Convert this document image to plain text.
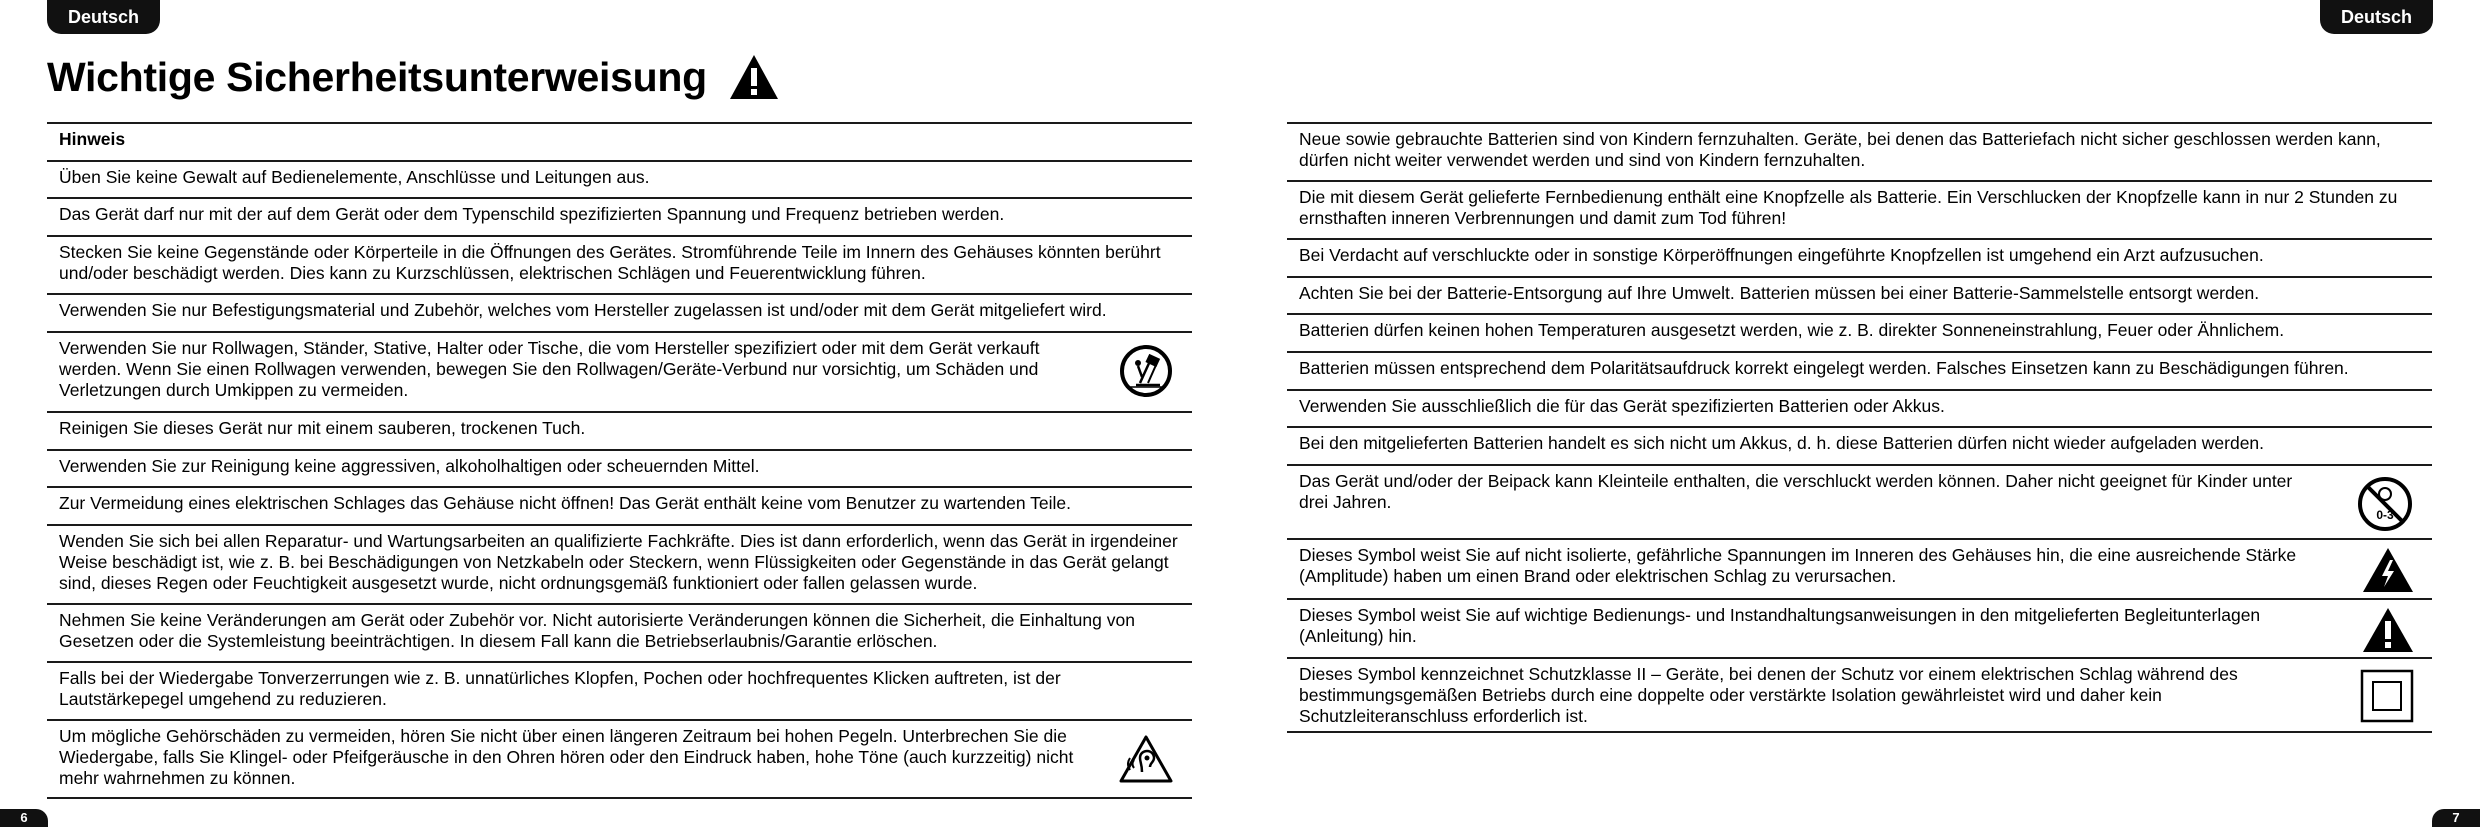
Deutsch	Deutsch
Wichtige Sicherheitsunterweisung
Hinweis
Üben Sie keine Gewalt auf Bedienelemente, Anschlüsse und Leitungen aus.
Das Gerät darf nur mit der auf dem Gerät oder dem Typenschild spezifizierten Spannung und Frequenz betrieben werden.
Stecken Sie keine Gegenstände oder Körperteile in die Öffnungen des Gerätes. Stromführende Teile im Innern des Gehäuses könnten berührt und/oder beschädigt werden. Dies kann zu Kurzschlüssen, elektrischen Schlägen und Feuerentwicklung führen.
Verwenden Sie nur Befestigungsmaterial und Zubehör, welches vom Hersteller zugelassen ist und/oder mit dem Gerät mitgeliefert wird.
Verwenden Sie nur Rollwagen, Ständer, Stative, Halter oder Tische, die vom Hersteller spezifiziert oder mit dem Gerät verkauft werden. Wenn Sie einen Rollwagen verwenden, bewegen Sie den Rollwagen/Geräte-Verbund nur vorsichtig, um Schäden und Verletzungen durch Umkippen zu vermeiden.
Reinigen Sie dieses Gerät nur mit einem sauberen, trockenen Tuch.
Verwenden Sie zur Reinigung keine aggressiven, alkoholhaltigen oder scheuernden Mittel.
Zur Vermeidung eines elektrischen Schlages das Gehäuse nicht öffnen! Das Gerät enthält keine vom Benutzer zu wartenden Teile.
Wenden Sie sich bei allen Reparatur- und Wartungsarbeiten an qualifizierte Fachkräfte. Dies ist dann erforderlich, wenn das Gerät in irgendeiner Weise beschädigt ist, wie z. B. bei Beschädigungen von Netzkabeln oder Steckern, wenn Flüssigkeiten oder Gegenstände in das Gerät gelangt sind, dieses Regen oder Feuchtigkeit ausgesetzt wurde, nicht ordnungsgemäß funktioniert oder fallen gelassen wurde.
Nehmen Sie keine Veränderungen am Gerät oder Zubehör vor. Nicht autorisierte Veränderungen können die Sicherheit, die Einhaltung von Gesetzen oder die Systemleistung beeinträchtigen. In diesem Fall kann die Betriebserlaubnis/Garantie erlöschen.
Falls bei der Wiedergabe Tonverzerrungen wie z. B. unnatürliches Klopfen, Pochen oder hochfrequentes Klicken auftreten, ist der Lautstärkepegel umgehend zu reduzieren.
Um mögliche Gehörschäden zu vermeiden, hören Sie nicht über einen längeren Zeitraum bei hohen Pegeln. Unterbrechen Sie die Wiedergabe, falls Sie Klingel- oder Pfeifgeräusche in den Ohren hören oder den Eindruck haben, hohe Töne (auch kurzzeitig) nicht mehr wahrnehmen zu können.
Neue sowie gebrauchte Batterien sind von Kindern fernzuhalten. Geräte, bei denen das Batteriefach nicht sicher geschlossen werden kann, dürfen nicht weiter verwendet werden und sind von Kindern fernzuhalten.
Die mit diesem Gerät gelieferte Fernbedienung enthält eine Knopfzelle als Batterie. Ein Verschlucken der Knopfzelle kann in nur 2 Stunden zu ernsthaften inneren Verbrennungen und damit zum Tod führen!
Bei Verdacht auf verschluckte oder in sonstige Körperöffnungen eingeführte Knopfzellen ist umgehend ein Arzt aufzusuchen.
Achten Sie bei der Batterie-Entsorgung auf Ihre Umwelt. Batterien müssen bei einer Batterie-Sammelstelle entsorgt werden.
Batterien dürfen keinen hohen Temperaturen ausgesetzt werden, wie z. B. direkter Sonneneinstrahlung, Feuer oder Ähnlichem.
Batterien müssen entsprechend dem Polaritätsaufdruck korrekt eingelegt werden. Falsches Einsetzen kann zu Beschädigungen führen.
Verwenden Sie ausschließlich die für das Gerät spezifizierten Batterien oder Akkus.
Bei den mitgelieferten Batterien handelt es sich nicht um Akkus, d. h. diese Batterien dürfen nicht wieder aufgeladen werden.
Das Gerät und/oder der Beipack kann Kleinteile enthalten, die verschluckt werden können. Daher nicht geeignet für Kinder unter drei Jahren.
0-3
Dieses Symbol weist Sie auf nicht isolierte, gefährliche Spannungen im Inneren des Gehäuses hin, die eine ausreichende Stärke (Amplitude) haben um einen Brand oder elektrischen Schlag zu verursachen.
Dieses Symbol weist Sie auf wichtige Bedienungs- und Instandhaltungsanweisungen in den mitgelieferten Begleitunterlagen (Anleitung) hin.
Dieses Symbol kennzeichnet Schutzklasse II – Geräte, bei denen der Schutz vor einem elektrischen Schlag während des bestimmungsgemäßen Betriebs durch eine doppelte oder verstärkte Isolation gewährleistet wird und daher kein Schutzleiteranschluss erforderlich ist.
6	7
